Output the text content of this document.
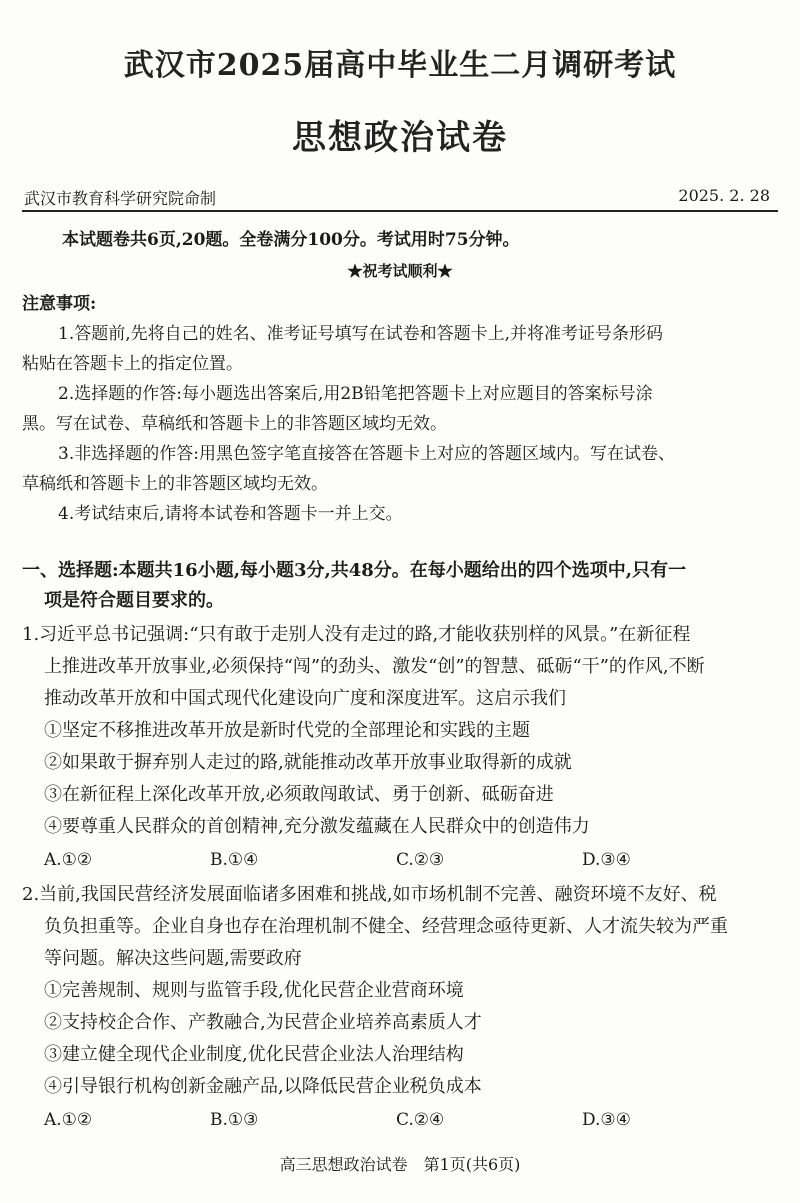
武汉市2025届高中毕业生二月调研考试
思想政治试卷
武汉市教育科学研究院命制	2025. 2. 28
本试题卷共6页,20题。全卷满分100分。考试用时75分钟。
★祝考试顺利★
注意事项:
1.答题前,先将自己的姓名、准考证号填写在试卷和答题卡上,并将准考证号条形码
粘贴在答题卡上的指定位置。
2.选择题的作答:每小题选出答案后,用2B铅笔把答题卡上对应题目的答案标号涂
黑。写在试卷、草稿纸和答题卡上的非答题区域均无效。
3.非选择题的作答:用黑色签字笔直接答在答题卡上对应的答题区域内。写在试卷、
草稿纸和答题卡上的非答题区域均无效。
4.考试结束后,请将本试卷和答题卡一并上交。
一、选择题:本题共16小题,每小题3分,共48分。在每小题给出的四个选项中,只有一
项是符合题目要求的。
1.习近平总书记强调:“只有敢于走别人没有走过的路,才能收获别样的风景。”在新征程
上推进改革开放事业,必须保持“闯”的劲头、激发“创”的智慧、砥砺“干”的作风,不断
推动改革开放和中国式现代化建设向广度和深度进军。这启示我们
①坚定不移推进改革开放是新时代党的全部理论和实践的主题
②如果敢于摒弃别人走过的路,就能推动改革开放事业取得新的成就
③在新征程上深化改革开放,必须敢闯敢试、勇于创新、砥砺奋进
④要尊重人民群众的首创精神,充分激发蕴藏在人民群众中的创造伟力
A.①②	B.①④	C.②③	D.③④
2.当前,我国民营经济发展面临诸多困难和挑战,如市场机制不完善、融资环境不友好、税
负负担重等。企业自身也存在治理机制不健全、经营理念亟待更新、人才流失较为严重
等问题。解决这些问题,需要政府
①完善规制、规则与监管手段,优化民营企业营商环境
②支持校企合作、产教融合,为民营企业培养高素质人才
③建立健全现代企业制度,优化民营企业法人治理结构
④引导银行机构创新金融产品,以降低民营企业税负成本
A.①②	B.①③	C.②④	D.③④
高三思想政治试卷　第1页(共6页)
